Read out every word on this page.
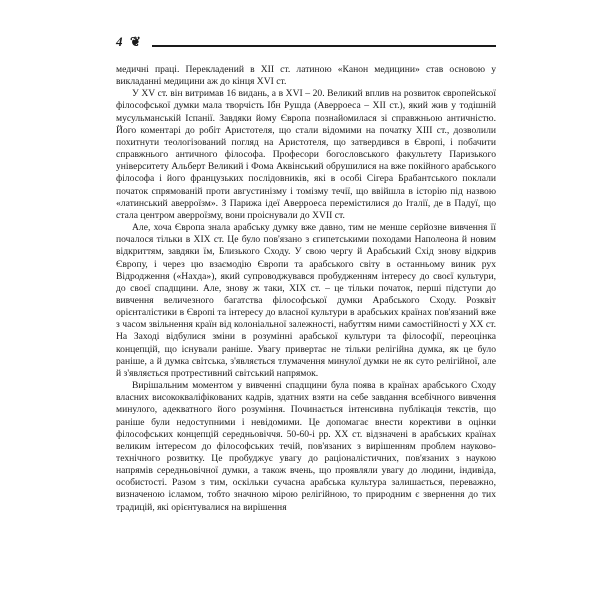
4 ❦

медичні праці. Перекладений в XII ст. латиною «Канон медицини» став основою у викладанні медицини аж до кінця XVI ст.

У XV ст. він витримав 16 видань, а в XVI – 20. Великий вплив на розвиток європейської філософської думки мала творчість Ібн Рушда (Аверроеса – XII ст.), який жив у тодішній мусульманській Іспанії. Завдяки йому Європа познайомилася зі справжньою античністю. Його коментарі до робіт Аристотеля, що стали відомими на початку XIII ст., дозволили похитнути теологізований погляд на Аристотеля, що затвердився в Європі, і побачити справжнього античного філософа. Професори богословського факультету Паризького університету Альберт Великий і Фома Аквінський обрушилися на вже покійного арабського філософа і його французьких послідовників, які в особі Сігера Брабантського поклали початок спрямованій проти августинізму і томізму течії, що ввійшла в історію під назвою «латинський аверроїзм». З Парижа ідеї Аверроеса перемістилися до Італії, де в Падуї, що стала центром аверроїзму, вони проіснували до XVII ст.

Але, хоча Європа знала арабську думку вже давно, тим не менше серйозне вивчення її почалося тільки в XIX ст. Це було пов'язано з єгипетськими походами Наполеона й новим відкриттям, завдяки їм, Близького Сходу. У свою чергу й Арабський Схід знову відкрив Європу, і через цю взаємодію Європи та арабського світу в останньому виник рух Відродження («Нахда»), який супроводжувався пробудженням інтересу до своєї культури, до своєї спадщини. Але, знову ж таки, XIX ст. – це тільки початок, перші підступи до вивчення величезного багатства філософської думки Арабського Сходу. Розквіт орієнталістики в Європі та інтересу до власної культури в арабських країнах пов'язаний вже з часом звільнення країн від колоніальної залежності, набуттям ними самостійності у XX ст. На Заході відбулися зміни в розумінні арабської культури та філософії, переоцінка концепцій, що існували раніше. Увагу привертає не тільки релігійна думка, як це було раніше, а й думка світська, з'являється тлумачення минулої думки не як суто релігійної, але й з'являється протрестивний світський напрямок.

Вирішальним моментом у вивченні спадщини була поява в країнах арабського Сходу власних висококваліфікованих кадрів, здатних взяти на себе завдання всебічного вивчення минулого, адекватного його розуміння. Починається інтенсивна публікація текстів, що раніше були недоступними і невідомими. Це допомагає внести корективи в оцінки філософських концепцій середньовіччя. 50-60-і рр. XX ст. відзначені в арабських країнах великим інтересом до філософських течій, пов'язаних з вирішенням проблем науково-технічного розвитку. Це пробуджує увагу до раціоналістичних, пов'язаних з наукою напрямів середньовічної думки, а також вчень, що проявляли увагу до людини, індивіда, особистості. Разом з тим, оскільки сучасна арабська культура залишається, переважно, визначеною ісламом, тобто значною мірою релігійною, то природним є звернення до тих традицій, які орієнтувалися на вирішення
